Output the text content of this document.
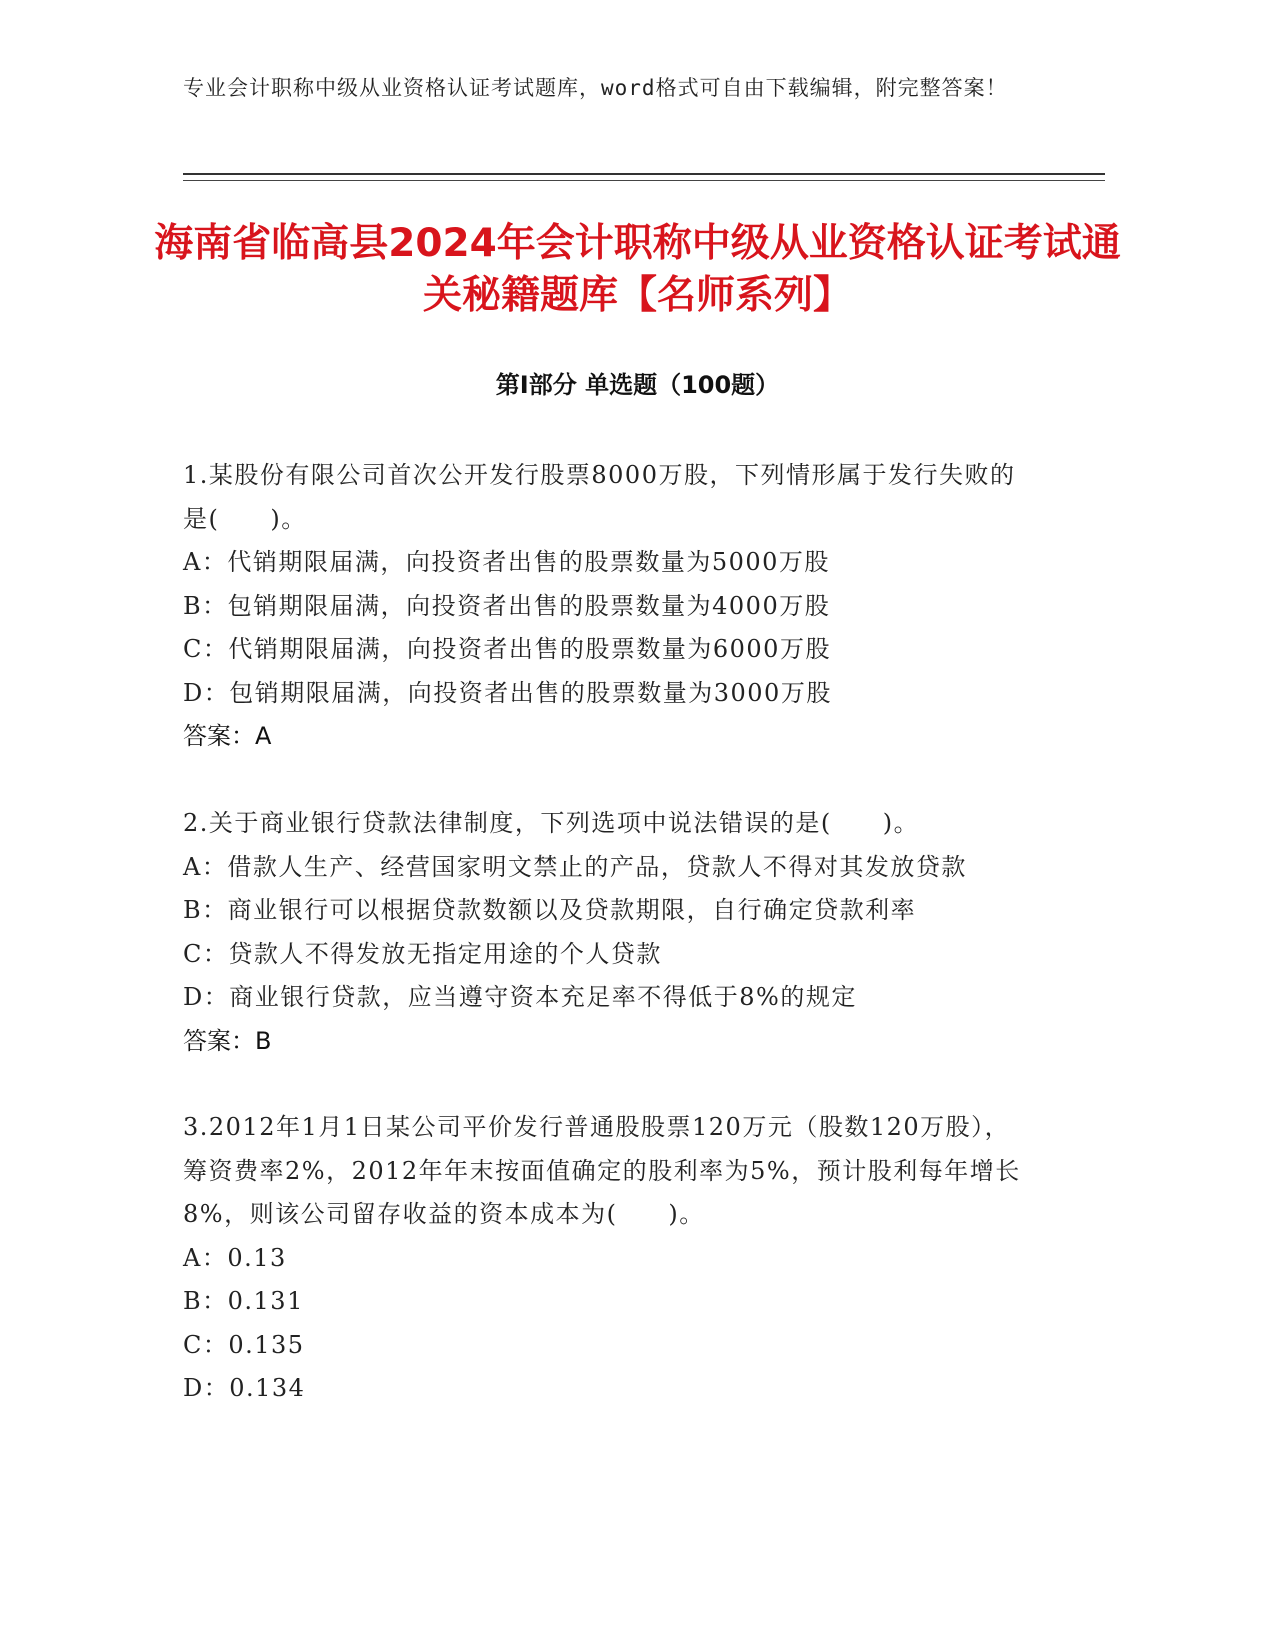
专业会计职称中级从业资格认证考试题库，word格式可自由下载编辑，附完整答案！

海南省临高县2024年会计职称中级从业资格认证考试通关秘籍题库【名师系列】
第Ⅰ部分 单选题（100题）

1.某股份有限公司首次公开发行股票8000万股，下列情形属于发行失败的是(　　)。

A：代销期限届满，向投资者出售的股票数量为5000万股

B：包销期限届满，向投资者出售的股票数量为4000万股

C：代销期限届满，向投资者出售的股票数量为6000万股

D：包销期限届满，向投资者出售的股票数量为3000万股

答案：A

2.关于商业银行贷款法律制度，下列选项中说法错误的是(　　)。

A：借款人生产、经营国家明文禁止的产品，贷款人不得对其发放贷款

B：商业银行可以根据贷款数额以及贷款期限，自行确定贷款利率

C：贷款人不得发放无指定用途的个人贷款

D：商业银行贷款，应当遵守资本充足率不得低于8%的规定

答案：B

3.2012年1月1日某公司平价发行普通股股票120万元（股数120万股），筹资费率2%，2012年年末按面值确定的股利率为5%，预计股利每年增长8%，则该公司留存收益的资本成本为(　　)。

A：0.13

B：0.131

C：0.135

D：0.134
